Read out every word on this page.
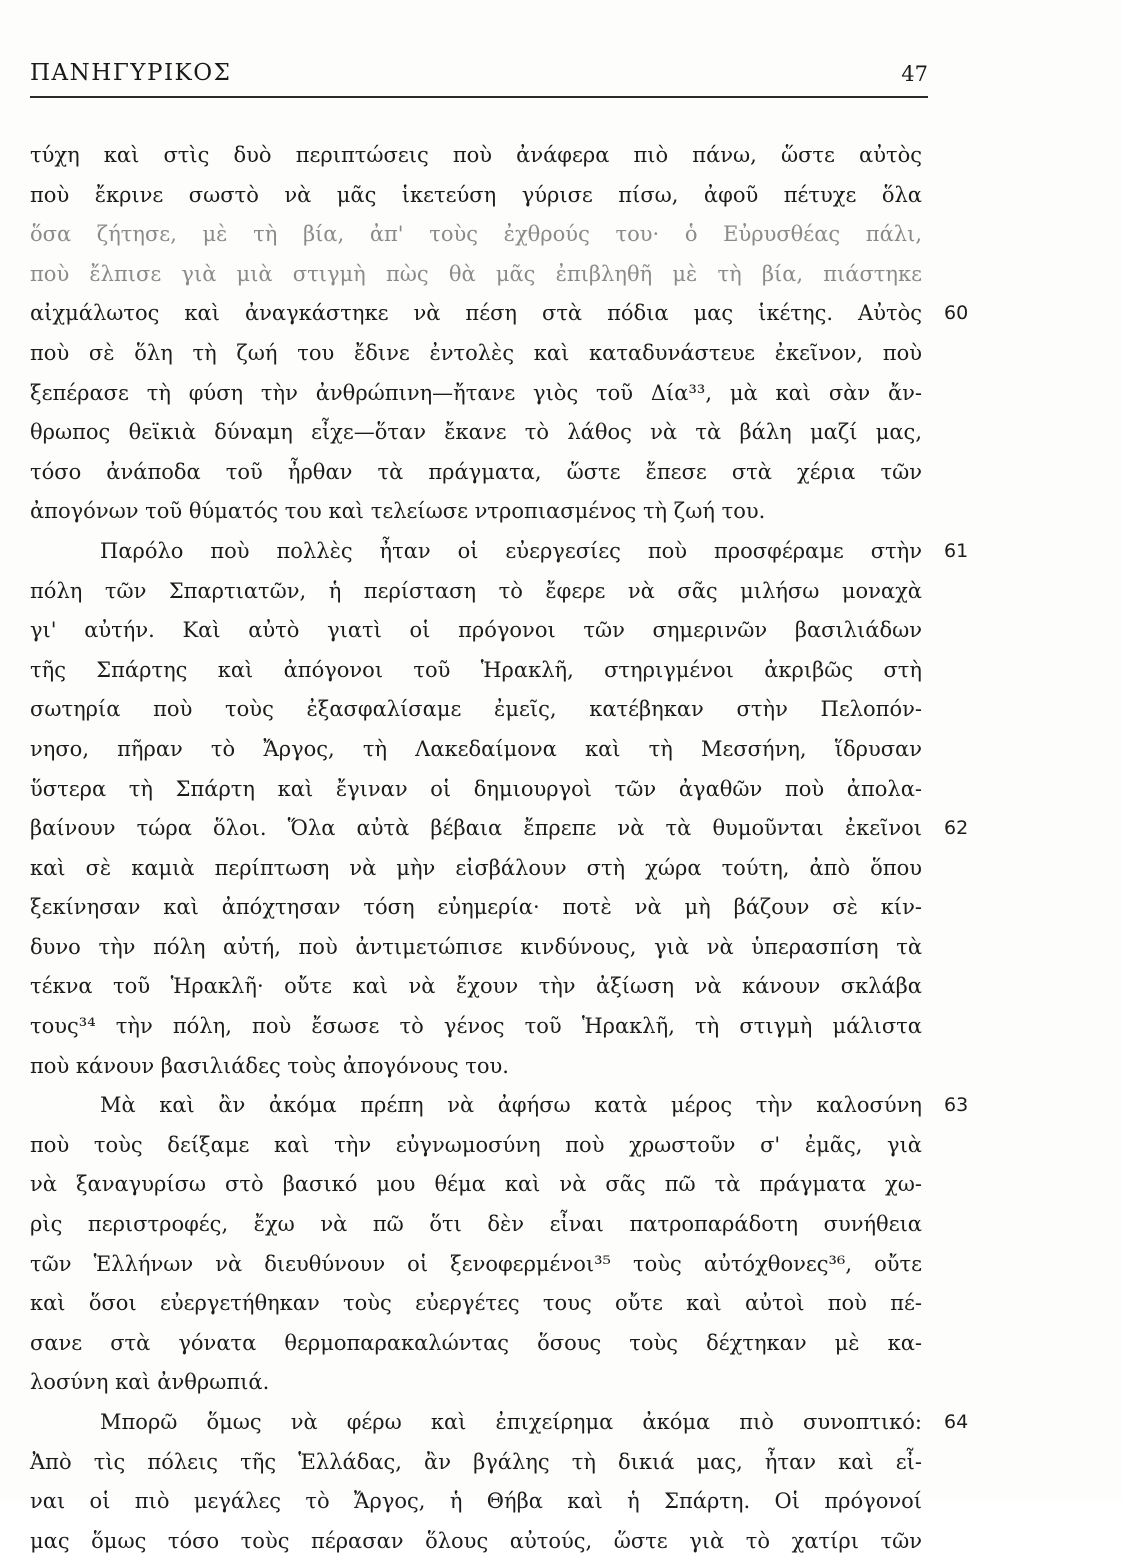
ΠΑΝΗΓΥΡΙΚΟΣ	47
τύχη καὶ στὶς δυὸ περιπτώσεις ποὺ ἀνάφερα πιὸ πάνω, ὥστε αὐτὸς
ποὺ ἔκρινε σωστὸ νὰ μᾶς ἱκετεύση γύρισε πίσω, ἀφοῦ πέτυχε ὅλα
ὅσα ζήτησε, μὲ τὴ βία, ἀπ' τοὺς ἐχθρούς του· ὁ Εὐρυσθέας πάλι,
ποὺ ἔλπισε γιὰ μιὰ στιγμὴ πὼς θὰ μᾶς ἐπιβληθῆ μὲ τὴ βία, πιάστηκε
αἰχμάλωτος καὶ ἀναγκάστηκε νὰ πέση στὰ πόδια μας ἱκέτης. Αὐτὸς 60
ποὺ σὲ ὅλη τὴ ζωή του ἔδινε ἐντολὲς καὶ καταδυνάστευε ἐκεῖνον, ποὺ
ξεπέρασε τὴ φύση τὴν ἀνθρώπινη—ἤτανε γιὸς τοῦ Δία³³, μὰ καὶ σὰν ἄν-
θρωπος θεϊκιὰ δύναμη εἶχε—ὅταν ἔκανε τὸ λάθος νὰ τὰ βάλη μαζί μας,
τόσο ἀνάποδα τοῦ ἦρθαν τὰ πράγματα, ὥστε ἔπεσε στὰ χέρια τῶν
ἀπογόνων τοῦ θύματός του καὶ τελείωσε ντροπιασμένος τὴ ζωή του.
Παρόλο ποὺ πολλὲς ἦταν οἱ εὐεργεσίες ποὺ προσφέραμε στὴν 61
πόλη τῶν Σπαρτιατῶν, ἡ περίσταση τὸ ἔφερε νὰ σᾶς μιλήσω μοναχὰ
γι' αὐτήν. Καὶ αὐτὸ γιατὶ οἱ πρόγονοι τῶν σημερινῶν βασιλιάδων
τῆς Σπάρτης καὶ ἀπόγονοι τοῦ Ἡρακλῆ, στηριγμένοι ἀκριβῶς στὴ
σωτηρία ποὺ τοὺς ἐξασφαλίσαμε ἐμεῖς, κατέβηκαν στὴν Πελοπόν-
νησο, πῆραν τὸ Ἄργος, τὴ Λακεδαίμονα καὶ τὴ Μεσσήνη, ἵδρυσαν
ὕστερα τὴ Σπάρτη καὶ ἔγιναν οἱ δημιουργοὶ τῶν ἀγαθῶν ποὺ ἀπολα-
βαίνουν τώρα ὅλοι. Ὅλα αὐτὰ βέβαια ἔπρεπε νὰ τὰ θυμοῦνται ἐκεῖνοι 62
καὶ σὲ καμιὰ περίπτωση νὰ μὴν εἰσβάλουν στὴ χώρα τούτη, ἀπὸ ὅπου
ξεκίνησαν καὶ ἀπόχτησαν τόση εὐημερία· ποτὲ νὰ μὴ βάζουν σὲ κίν-
δυνο τὴν πόλη αὐτή, ποὺ ἀντιμετώπισε κινδύνους, γιὰ νὰ ὑπερασπίση τὰ
τέκνα τοῦ Ἡρακλῆ· οὔτε καὶ νὰ ἔχουν τὴν ἀξίωση νὰ κάνουν σκλάβα
τους³⁴ τὴν πόλη, ποὺ ἔσωσε τὸ γένος τοῦ Ἡρακλῆ, τὴ στιγμὴ μάλιστα
ποὺ κάνουν βασιλιάδες τοὺς ἀπογόνους του.
Μὰ καὶ ἂν ἀκόμα πρέπη νὰ ἀφήσω κατὰ μέρος τὴν καλοσύνη 63
ποὺ τοὺς δείξαμε καὶ τὴν εὐγνωμοσύνη ποὺ χρωστοῦν σ' ἐμᾶς, γιὰ
νὰ ξαναγυρίσω στὸ βασικό μου θέμα καὶ νὰ σᾶς πῶ τὰ πράγματα χω-
ρὶς περιστροφές, ἔχω νὰ πῶ ὅτι δὲν εἶναι πατροπαράδοτη συνήθεια
τῶν Ἑλλήνων νὰ διευθύνουν οἱ ξενοφερμένοι³⁵ τοὺς αὐτόχθονες³⁶, οὔτε
καὶ ὅσοι εὐεργετήθηκαν τοὺς εὐεργέτες τους οὔτε καὶ αὐτοὶ ποὺ πέ-
σανε στὰ γόνατα θερμοπαρακαλώντας ὅσους τοὺς δέχτηκαν μὲ κα-
λοσύνη καὶ ἀνθρωπιά.
Μπορῶ ὅμως νὰ φέρω καὶ ἐπιχείρημα ἀκόμα πιὸ συνοπτικό: 64
Ἀπὸ τὶς πόλεις τῆς Ἑλλάδας, ἂν βγάλης τὴ δικιά μας, ἦταν καὶ εἶ-
ναι οἱ πιὸ μεγάλες τὸ Ἄργος, ἡ Θήβα καὶ ἡ Σπάρτη. Οἱ πρόγονοί
μας ὅμως τόσο τοὺς πέρασαν ὅλους αὐτούς, ὥστε γιὰ τὸ χατίρι τῶν
